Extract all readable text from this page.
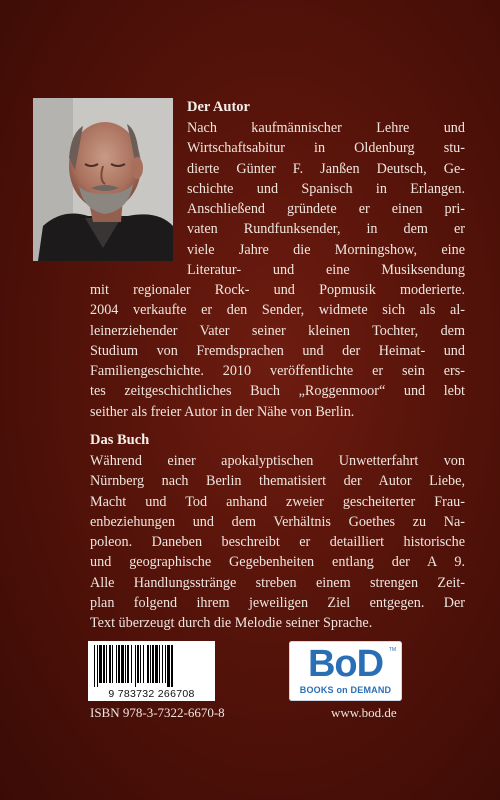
Der Autor
Nach kaufmännischer Lehre und
Wirtschaftsabitur in Oldenburg stu-
dierte Günter F. Janßen Deutsch, Ge-
schichte und Spanisch in Erlangen.
Anschließend gründete er einen pri-
vaten Rundfunksender, in dem er
viele Jahre die Morningshow, eine
Literatur- und eine Musiksendung
mit regionaler Rock- und Popmusik moderierte.
2004 verkaufte er den Sender, widmete sich als al-
leinerziehender Vater seiner kleinen Tochter, dem
Studium von Fremdsprachen und der Heimat- und
Familiengeschichte. 2010 veröffentlichte er sein ers-
tes zeitgeschichtliches Buch „Roggenmoor“ und lebt
seither als freier Autor in der Nähe von Berlin.
Das Buch
Während einer apokalyptischen Unwetterfahrt von
Nürnberg nach Berlin thematisiert der Autor Liebe,
Macht und Tod anhand zweier gescheiterter Frau-
enbeziehungen und dem Verhältnis Goethes zu Na-
poleon. Daneben beschreibt er detailliert historische
und geographische Gegebenheiten entlang der A 9.
Alle Handlungsstränge streben einem strengen Zeit-
plan folgend ihrem jeweiligen Ziel entgegen. Der
Text überzeugt durch die Melodie seiner Sprache.
9 783732 266708
BoD	TM
BOOKS on DEMAND
ISBN 978-3-7322-6670-8	www.bod.de
